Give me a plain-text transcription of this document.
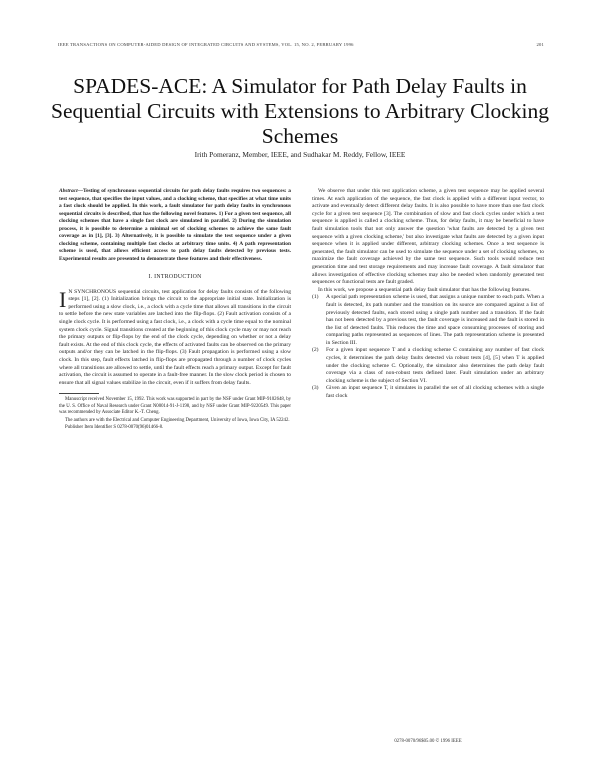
IEEE TRANSACTIONS ON COMPUTER-AIDED DESIGN OF INTEGRATED CIRCUITS AND SYSTEMS, VOL. 15, NO. 2, FEBRUARY 1996	201
SPADES-ACE: A Simulator for Path Delay Faults in Sequential Circuits with Extensions to Arbitrary Clocking Schemes
Irith Pomeranz, Member, IEEE, and Sudhakar M. Reddy, Fellow, IEEE

Abstract—Testing of synchronous sequential circuits for path delay faults requires two sequences: a test sequence, that specifies the input values, and a clocking scheme, that specifies at what time units a fast clock should be applied. In this work, a fault simulator for path delay faults in synchronous sequential circuits is described, that has the following novel features. 1) For a given test sequence, all clocking schemes that have a single fast clock are simulated in parallel. 2) During the simulation process, it is possible to determine a minimal set of clocking schemes to achieve the same fault coverage as in [1], [3]. 3) Alternatively, it is possible to simulate the test sequence under a given clocking scheme, containing multiple fast clocks at arbitrary time units. 4) A path representation scheme is used, that allows efficient access to path delay faults detected by previous tests. Experimental results are presented to demonstrate these features and their effectiveness.

I. INTRODUCTION

I N SYNCHRONOUS sequential circuits, test application for delay faults consists of the following steps [1], [2]. (1) Initialization brings the circuit to the appropriate initial state. Initialization is performed using a slow clock, i.e., a clock with a cycle time that allows all transitions in the circuit to settle before the new state variables are latched into the flip-flops. (2) Fault activation consists of a single clock cycle. It is performed using a fast clock, i.e., a clock with a cycle time equal to the nominal system clock cycle. Signal transitions created at the beginning of this clock cycle may or may not reach the primary outputs or flip-flops by the end of the clock cycle, depending on whether or not a delay fault exists. At the end of this clock cycle, the effects of activated faults can be observed on the primary outputs and/or they can be latched in the flip-flops. (3) Fault propagation is performed using a slow clock. In this step, fault effects latched in flip-flops are propagated through a number of clock cycles where all transitions are allowed to settle, until the fault effects reach a primary output. Except for fault activation, the circuit is assumed to operate in a fault-free manner. In the slow clock period is chosen to ensure that all signal values stabilize in the circuit, even if it suffers from delay faults.

Manuscript received November 15, 1992. This work was supported in part by the NSF under Grant MIP-9102648, by the U. S. Office of Naval Research under Grant N00014-91-J-1198, and by NSF under Grant MIP-9220549. This paper was recommended by Associate Editor K.-T. Cheng.

The authors are with the Electrical and Computer Engineering Department, University of Iowa, Iowa City, IA 52242.

Publisher Item Identifier S 0278-0070(96)01466-8.

We observe that under this test application scheme, a given test sequence may be applied several times. At each application of the sequence, the fast clock is applied with a different input vector, to activate and eventually detect different delay faults. It is also possible to have more than one fast clock cycle for a given test sequence [3]. The combination of slow and fast clock cycles under which a test sequence is applied is called a clocking scheme. Thus, for delay faults, it may be beneficial to have fault simulation tools that not only answer the question 'what faults are detected by a given test sequence with a given clocking scheme,' but also investigate what faults are detected by a given input sequence when it is applied under different, arbitrary clocking schemes. Once a test sequence is generated, the fault simulator can be used to simulate the sequence under a set of clocking schemes, to maximize the fault coverage achieved by the same test sequence. Such tools would reduce test generation time and test storage requirements and may increase fault coverage. A fault simulator that allows investigation of effective clocking schemes may also be needed when randomly generated test sequences or functional tests are fault graded.

In this work, we propose a sequential path delay fault simulator that has the following features.

(1) A special path representation scheme is used, that assigns a unique number to each path. When a fault is detected, its path number and the transition on its source are compared against a list of previously detected faults, each stored using a single path number and a transition. If the fault has not been detected by a previous test, the fault coverage is increased and the fault is stored in the list of detected faults. This reduces the time and space consuming processes of storing and comparing paths represented as sequences of lines. The path representation scheme is presented in Section III.
(2) For a given input sequence T and a clocking scheme C containing any number of fast clock cycles, it determines the path delay faults detected via robust tests [4], [5] when T is applied under the clocking scheme C. Optionally, the simulator also determines the path delay fault coverage via a class of non-robust tests defined later. Fault simulation under an arbitrary clocking scheme is the subject of Section VI.
(3) Given an input sequence T, it simulates in parallel the set of all clocking schemes with a single fast clock
0278-0070/96$05.00 © 1996 IEEE
